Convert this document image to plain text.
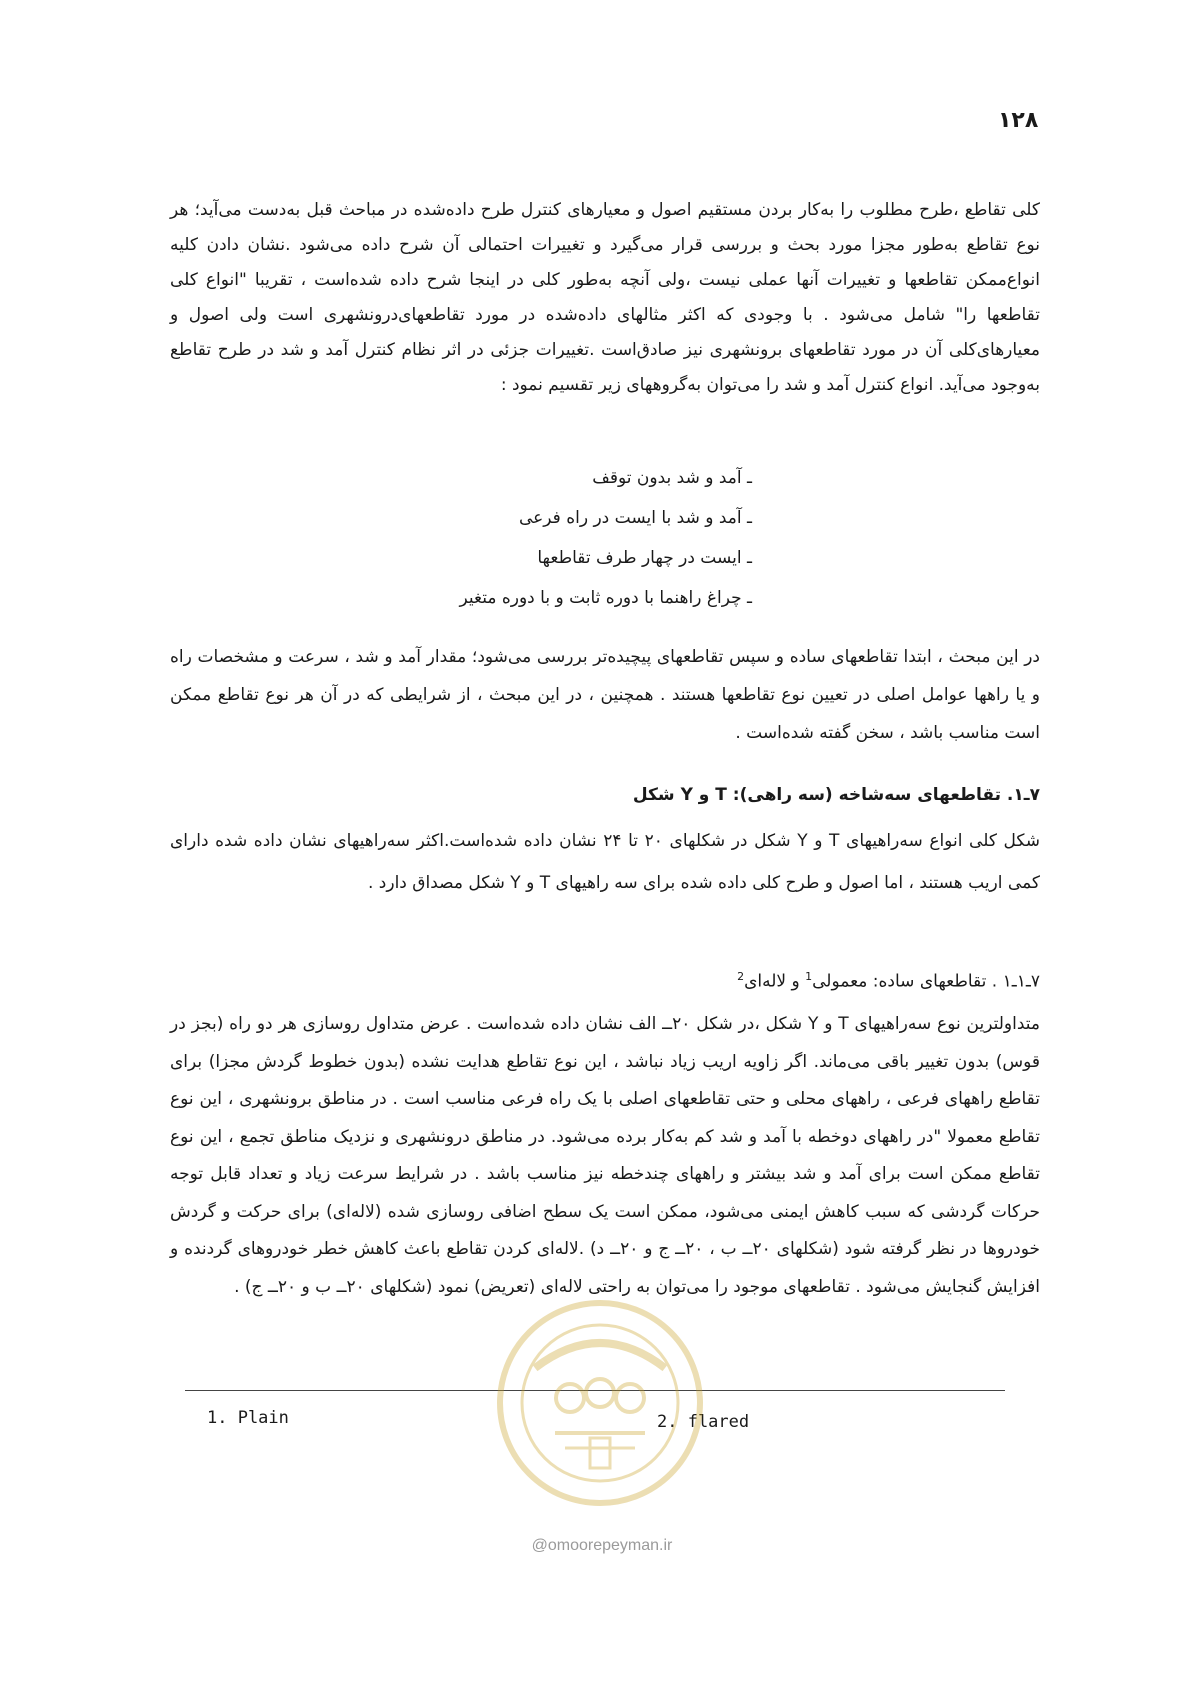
١٢٨

کلی تقاطع ،طرح مطلوب را به‌کار بردن مستقیم اصول و معیارهای کنترل طرح داده‌شده در مباحث قبل به‌دست می‌آید؛ هر نوع تقاطع به‌طور مجزا مورد بحث و بررسی قرار می‌گیرد و تغییرات احتمالی آن شرح داده می‌شود .نشان دادن کلیه انواع‌ممکن تقاطعها و تغییرات آنها عملی نیست ،ولی آنچه به‌طور کلی در اینجا شرح داده شده‌است ، تقریبا "انواع کلی تقاطعها را" شامل می‌شود . با وجودی که اکثر مثالهای داده‌شده در مورد تقاطعهای‌درونشهری است ولی اصول و معیارهای‌کلی آن در مورد تقاطعهای برونشهری نیز صادق‌است .تغییرات جزئی در اثر نظام کنترل آمد و شد در طرح تقاطع به‌وجود می‌آید. انواع کنترل آمد و شد را می‌توان به‌گروههای زیر تقسیم نمود :

ـ آمد و شد بدون توقف
ـ آمد و شد با ایست در راه فرعی
ـ ایست در چهار طرف تقاطعها
ـ چراغ راهنما با دوره ثابت و با دوره متغیر

در این مبحث ، ابتدا تقاطعهای ساده و سپس تقاطعهای پیچیده‌تر بررسی می‌شود؛ مقدار آمد و شد ، سرعت و مشخصات راه و یا راهها عوامل اصلی در تعیین نوع تقاطعها هستند . همچنین ، در این مبحث ، از شرایطی که در آن هر نوع تقاطع ممکن است مناسب باشد ، سخن گفته شده‌است .

۷ـ۱. تقاطعهای سه‌شاخه (سه راهی): T و Y شکل

شکل کلی انواع سه‌راهیهای T و Y شکل در شکلهای ۲۰ تا ۲۴ نشان داده شده‌است.اکثر سه‌راهیهای نشان داده شده دارای کمی اریب هستند ، اما اصول و طرح کلی داده شده برای سه راهیهای T و Y شکل مصداق دارد .

۷ـ۱ـ۱ . تقاطعهای ساده: معمولی$^1$ و لاله‌ای$^2$

متداولترین نوع سه‌راهیهای T و Y شکل ،در شکل ۲۰ــ الف نشان داده شده‌است . عرض متداول روسازی هر دو راه (بجز در قوس) بدون تغییر باقی می‌ماند. اگر زاویه اریب زیاد نباشد ، این نوع تقاطع هدایت نشده (بدون خطوط گردش مجزا) برای تقاطع راههای فرعی ، راههای محلی و حتی تقاطعهای اصلی با یک راه فرعی مناسب است . در مناطق برونشهری ، این نوع تقاطع معمولا "در راههای دوخطه با آمد و شد کم به‌کار برده می‌شود. در مناطق درونشهری و نزدیک مناطق تجمع ، این نوع تقاطع ممکن است برای آمد و شد بیشتر و راههای چندخطه نیز مناسب باشد . در شرایط سرعت زیاد و تعداد قابل توجه حرکات گردشی که سبب کاهش ایمنی می‌شود، ممکن است یک سطح اضافی روسازی شده (لاله‌ای) برای حرکت و گردش خودروها در نظر گرفته شود (شکلهای ۲۰ــ ب ، ۲۰ــ ج و ۲۰ــ د) .لاله‌ای کردن تقاطع باعث کاهش خطر خودروهای گردنده و افزایش گنجایش می‌شود . تقاطعهای موجود را می‌توان به راحتی لاله‌ای (تعریض) نمود (شکلهای ۲۰ــ ب و ۲۰ــ ج) .

1. Plain	2. flared
@omoorepeyman.ir
